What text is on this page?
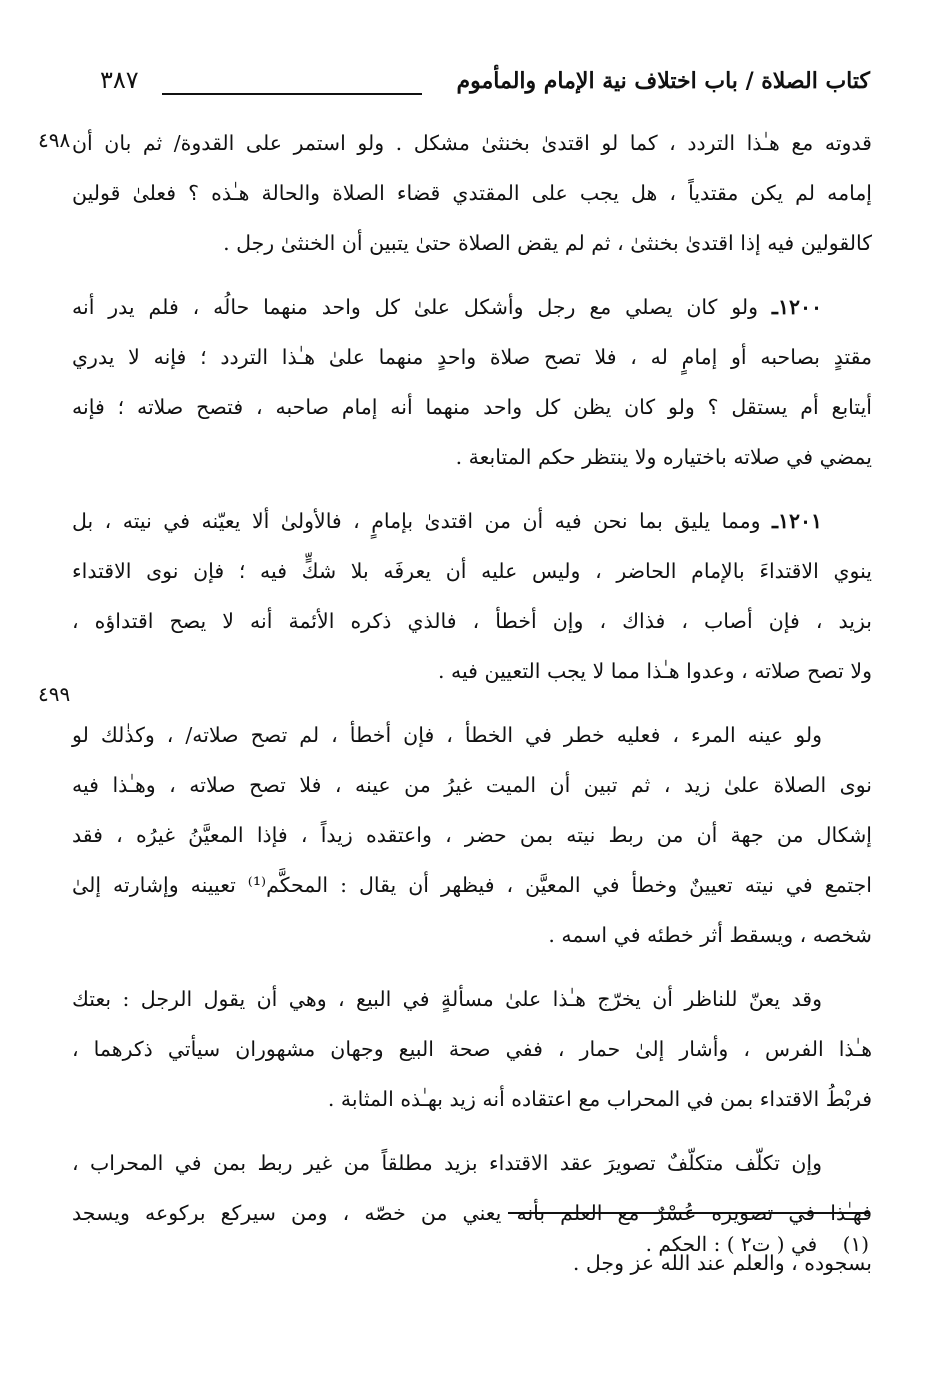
كتاب الصلاة / باب اختلاف نية الإمام والمأموم
٣٨٧
٤٩٨
٤٩٩
قدوته مع هـٰذا التردد ، كما لو اقتدىٰ بخنثىٰ مشكل . ولو استمر على القدوة/ ثم بان أن
إمامه لم يكن مقتدياً ، هل يجب على المقتدي قضاء الصلاة والحالة هـٰذه ؟ فعلىٰ قولين
كالقولين فيه إذا اقتدىٰ بخنثىٰ ، ثم لم يقض الصلاة حتىٰ يتبين أن الخنثىٰ رجل .
١٢٠٠ـ ولو كان يصلي مع رجل وأشكل علىٰ كل واحد منهما حالُه ، فلم يدر أنه
مقتدٍ بصاحبه أو إمامٍ له ، فلا تصح صلاة واحدٍ منهما علىٰ هـٰذا التردد ؛ فإنه لا يدري
أيتابع أم يستقل ؟ ولو كان يظن كل واحد منهما أنه إمام صاحبه ، فتصح صلاته ؛ فإنه
يمضي في صلاته باختياره ولا ينتظر حكم المتابعة .
١٢٠١ـ ومما يليق بما نحن فيه أن من اقتدىٰ بإمامٍ ، فالأولىٰ ألا يعيّنه في نيته ، بل
ينوي الاقتداءَ بالإمام الحاضر ، وليس عليه أن يعرفَه بلا شكٍّ فيه ؛ فإن نوى الاقتداء
بزيد ، فإن أصاب ، فذاك ، وإن أخطأ ، فالذي ذكره الأئمة أنه لا يصح اقتداؤه ،
ولا تصح صلاته ، وعدوا هـٰذا مما لا يجب التعيين فيه .
ولو عينه المرء ، فعليه خطر في الخطأ ، فإن أخطأ ، لم تصح صلاته/ ، وكذٰلك لو
نوى الصلاة علىٰ زيد ، ثم تبين أن الميت غيرُ من عينه ، فلا تصح صلاته ، وهـٰذا فيه
إشكال من جهة أن من ربط نيته بمن حضر ، واعتقده زيداً ، فإذا المعيَّنُ غيرُه ، فقد
اجتمع في نيته تعيينٌ وخطأ في المعيَّن ، فيظهر أن يقال : المحكَّم⁽¹⁾ تعيينه وإشارته إلىٰ
شخصه ، ويسقط أثر خطئه في اسمه .
وقد يعنّ للناظر أن يخرّج هـٰذا علىٰ مسألةٍ في البيع ، وهي أن يقول الرجل : بعتك
هـٰذا الفرس ، وأشار إلىٰ حمار ، ففي صحة البيع وجهان مشهوران سيأتي ذكرهما ،
فربْطُ الاقتداء بمن في المحراب مع اعتقاده أنه زيد بهـٰذه المثابة .
وإن تكلّف متكلّفٌ تصويرَ عقد الاقتداء بزيد مطلقاً من غير ربط بمن في المحراب ،
فهـٰذا في تصويره عُسْرٌ مع العلم بأنه يعني من خصّه ، ومن سيركع بركوعه ويسجد
بسجوده ، والعلم عند الله عز وجل .
(١)    في ( ت٢ ) : الحكم .
